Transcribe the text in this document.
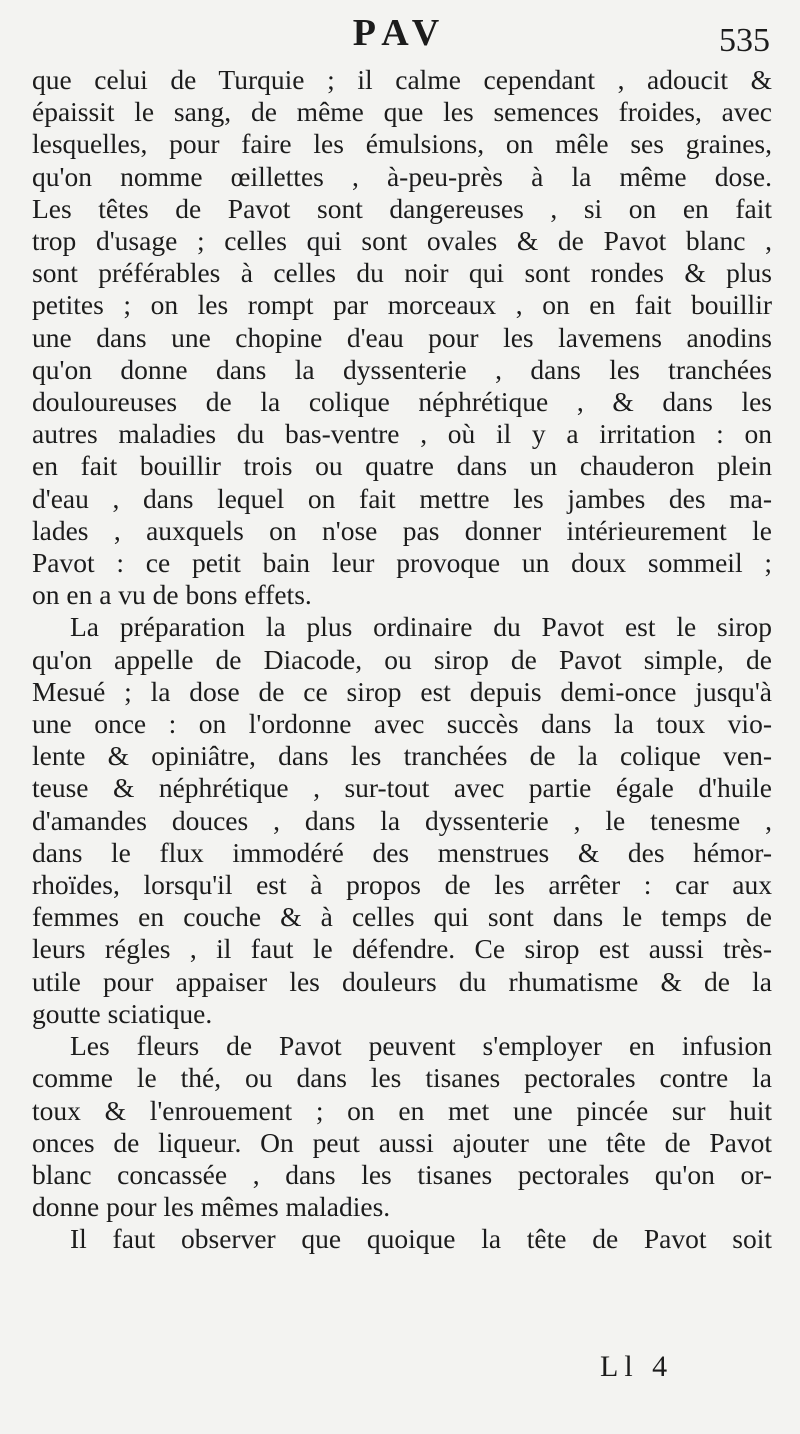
PAV	535
que celui de Turquie ; il calme cependant , adoucit &
épaissit le sang, de même que les semences froides, avec
lesquelles, pour faire les émulsions, on mêle ses graines,
qu'on nomme œillettes , à-peu-près à la même dose.
Les têtes de Pavot sont dangereuses , si on en fait
trop d'usage ; celles qui sont ovales & de Pavot blanc ,
sont préférables à celles du noir qui sont rondes & plus
petites ; on les rompt par morceaux , on en fait bouillir
une dans une chopine d'eau pour les lavemens anodins
qu'on donne dans la dyssenterie , dans les tranchées
douloureuses de la colique néphrétique , & dans les
autres maladies du bas-ventre , où il y a irritation : on
en fait bouillir trois ou quatre dans un chauderon plein
d'eau , dans lequel on fait mettre les jambes des ma-
lades , auxquels on n'ose pas donner intérieurement le
Pavot : ce petit bain leur provoque un doux sommeil ;
on en a vu de bons effets.
La préparation la plus ordinaire du Pavot est le sirop
qu'on appelle de Diacode, ou sirop de Pavot simple, de
Mesué ; la dose de ce sirop est depuis demi-once jusqu'à
une once : on l'ordonne avec succès dans la toux vio-
lente & opiniâtre, dans les tranchées de la colique ven-
teuse & néphrétique , sur-tout avec partie égale d'huile
d'amandes douces , dans la dyssenterie , le tenesme ,
dans le flux immodéré des menstrues & des hémor-
rhoïdes, lorsqu'il est à propos de les arrêter : car aux
femmes en couche & à celles qui sont dans le temps de
leurs régles , il faut le défendre. Ce sirop est aussi très-
utile pour appaiser les douleurs du rhumatisme & de la
goutte sciatique.
Les fleurs de Pavot peuvent s'employer en infusion
comme le thé, ou dans les tisanes pectorales contre la
toux & l'enrouement ; on en met une pincée sur huit
onces de liqueur. On peut aussi ajouter une tête de Pavot
blanc concassée , dans les tisanes pectorales qu'on or-
donne pour les mêmes maladies.
Il faut observer que quoique la tête de Pavot soit
Ll 4
